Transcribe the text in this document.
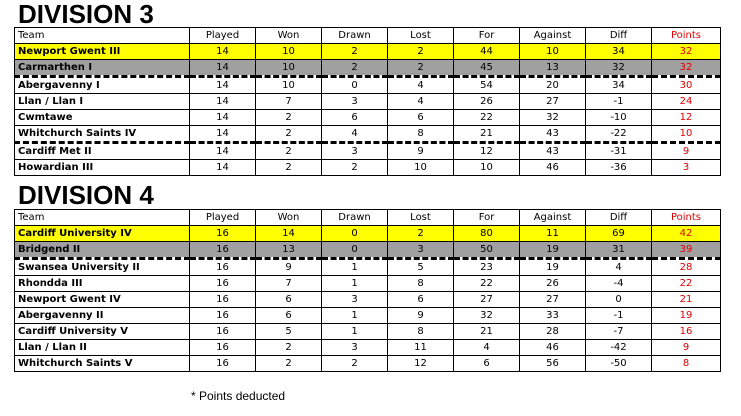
DIVISION 3
Team	Played	Won	Drawn	Lost	For	Against	Diff	Points
Newport Gwent III	14	10	2	2	44	10	34	32
Carmarthen I	14	10	2	2	45	13	32	32
Abergavenny I	14	10	0	4	54	20	34	30
Llan / Llan I	14	7	3	4	26	27	-1	24
Cwmtawe	14	2	6	6	22	32	-10	12
Whitchurch Saints IV	14	2	4	8	21	43	-22	10
Cardiff Met II	14	2	3	9	12	43	-31	9
Howardian III	14	2	2	10	10	46	-36	3
DIVISION 4
Team	Played	Won	Drawn	Lost	For	Against	Diff	Points
Cardiff University IV	16	14	0	2	80	11	69	42
Bridgend II	16	13	0	3	50	19	31	39
Swansea University II	16	9	1	5	23	19	4	28
Rhondda III	16	7	1	8	22	26	-4	22
Newport Gwent IV	16	6	3	6	27	27	0	21
Abergavenny II	16	6	1	9	32	33	-1	19
Cardiff University V	16	5	1	8	21	28	-7	16
Llan / Llan II	16	2	3	11	4	46	-42	9
Whitchurch Saints V	16	2	2	12	6	56	-50	8
* Points deducted
